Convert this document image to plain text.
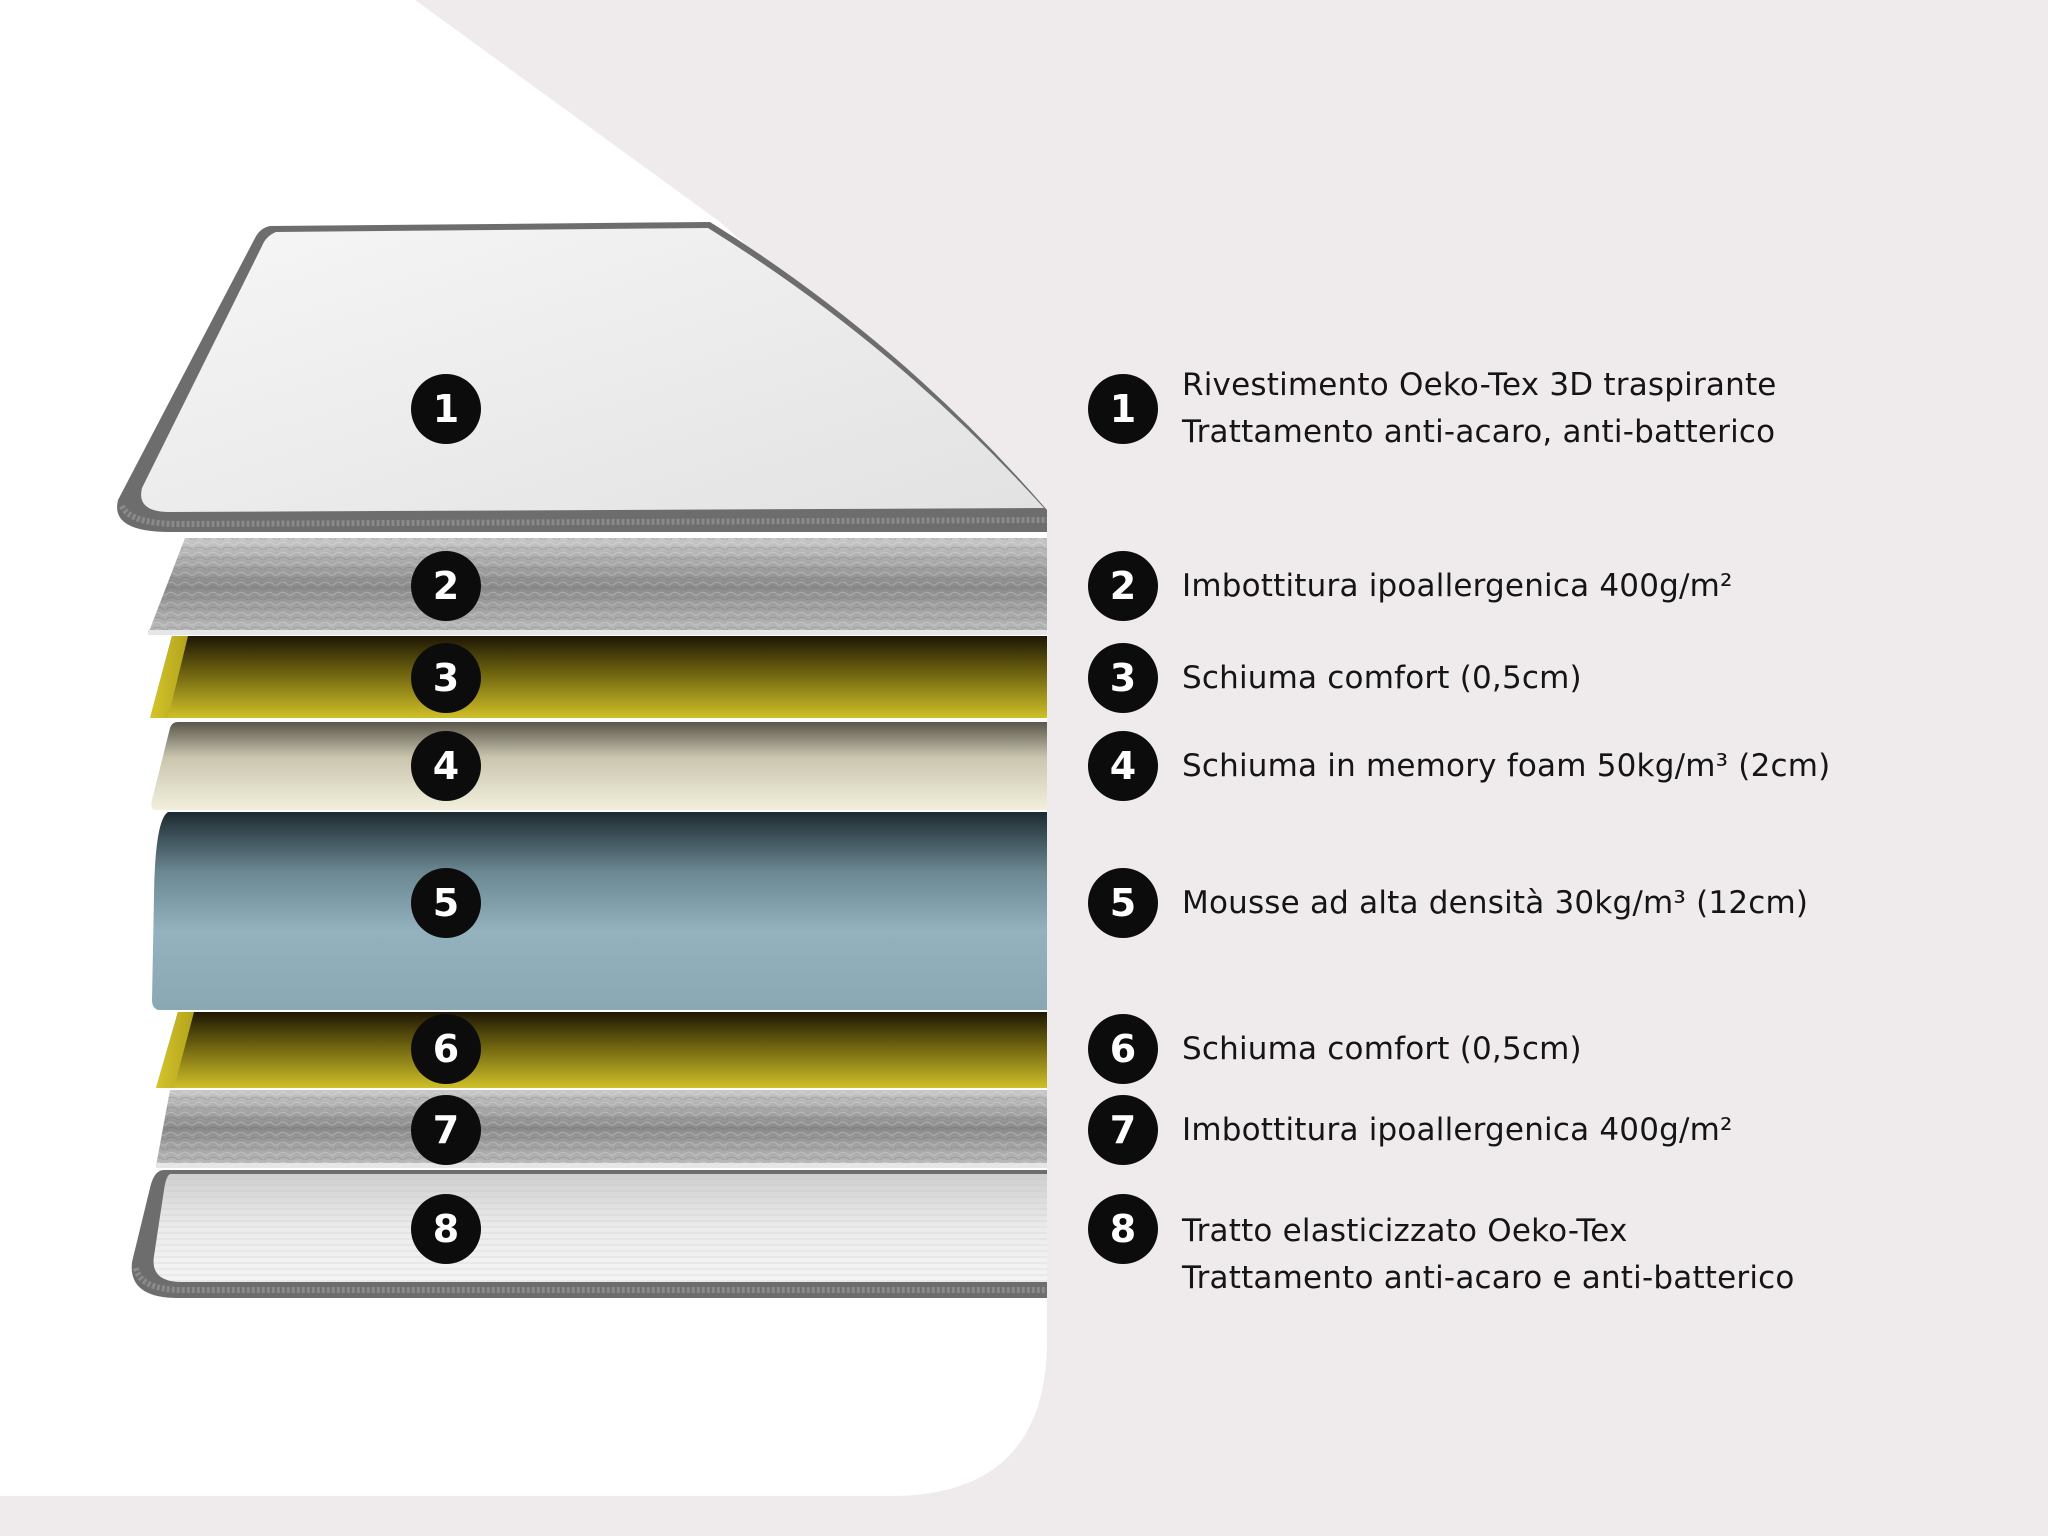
1
2
3
4
5
6
7
8
1
Rivestimento Oeko-Tex 3D traspirante
Trattamento anti-acaro, anti-batterico
2	Imbottitura ipoallergenica 400g/m²
3	Schiuma comfort (0,5cm)
4	Schiuma in memory foam 50kg/m³ (2cm)
5	Mousse ad alta densità 30kg/m³ (12cm)
6	Schiuma comfort (0,5cm)
7	Imbottitura ipoallergenica 400g/m²
8	Tratto elasticizzato Oeko-Tex
Trattamento anti-acaro e anti-batterico
